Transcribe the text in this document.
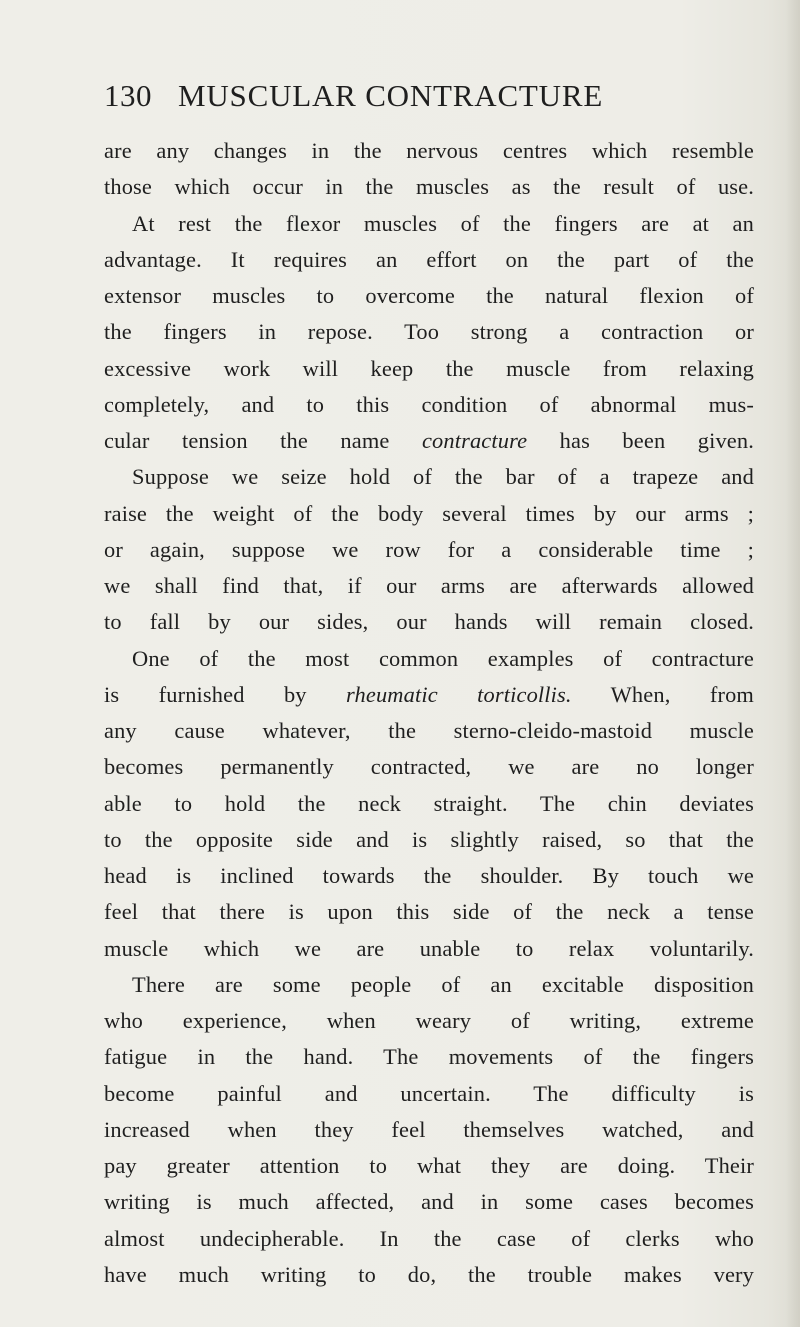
130 MUSCULAR CONTRACTURE
are any changes in the nervous centres which resemble
those which occur in the muscles as the result of use.
At rest the flexor muscles of the fingers are at an
advantage. It requires an effort on the part of the
extensor muscles to overcome the natural flexion of
the fingers in repose. Too strong a contraction or
excessive work will keep the muscle from relaxing
completely, and to this condition of abnormal mus-
cular tension the name contracture has been given.
Suppose we seize hold of the bar of a trapeze and
raise the weight of the body several times by our arms ;
or again, suppose we row for a considerable time ;
we shall find that, if our arms are afterwards allowed
to fall by our sides, our hands will remain closed.
One of the most common examples of contracture
is furnished by rheumatic torticollis. When, from
any cause whatever, the sterno-cleido-mastoid muscle
becomes permanently contracted, we are no longer
able to hold the neck straight. The chin deviates
to the opposite side and is slightly raised, so that the
head is inclined towards the shoulder. By touch we
feel that there is upon this side of the neck a tense
muscle which we are unable to relax voluntarily.
There are some people of an excitable disposition
who experience, when weary of writing, extreme
fatigue in the hand. The movements of the fingers
become painful and uncertain. The difficulty is
increased when they feel themselves watched, and
pay greater attention to what they are doing. Their
writing is much affected, and in some cases becomes
almost undecipherable. In the case of clerks who
have much writing to do, the trouble makes very
